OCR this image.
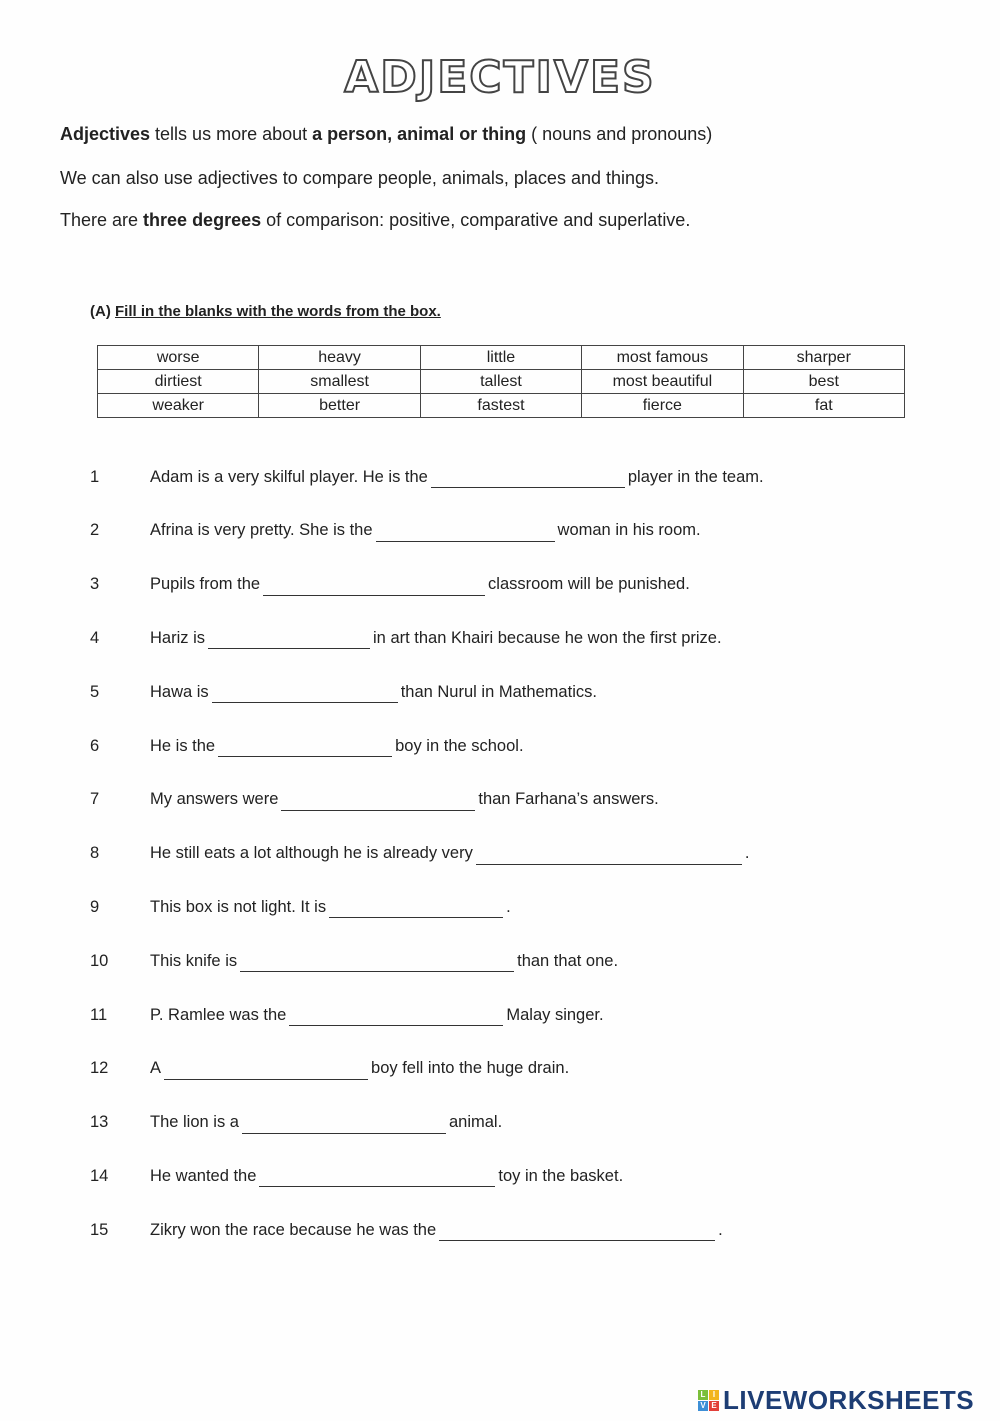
ADJECTIVES
Adjectives tells us more about a person, animal or thing ( nouns and pronouns)
We can also use adjectives to compare people, animals, places and things.
There are three degrees of comparison: positive, comparative and superlative.
(A) Fill in the blanks with the words from the box.
worse	heavy	little	most famous	sharper
dirtiest	smallest	tallest	most beautiful	best
weaker	better	fastest	fierce	fat
1	Adam is a very skilful player. He is the	player in the team.
2	Afrina is very pretty. She is the	woman in his room.
3	Pupils from the	classroom will be punished.
4	Hariz is	in art than Khairi because he won the first prize.
5	Hawa is	than Nurul in Mathematics.
6	He is the	boy in the school.
7	My answers were	than Farhana’s answers.
8	He still eats a lot although he is already very	.
9	This box is not light. It is	.
10	This knife is	than that one.
11	P. Ramlee was the	Malay singer.
12	A	boy fell into the huge drain.
13	The lion is a	animal.
14	He wanted the	toy in the basket.
15	Zikry won the race because he was the	.
L I
V E LIVEWORKSHEETS
